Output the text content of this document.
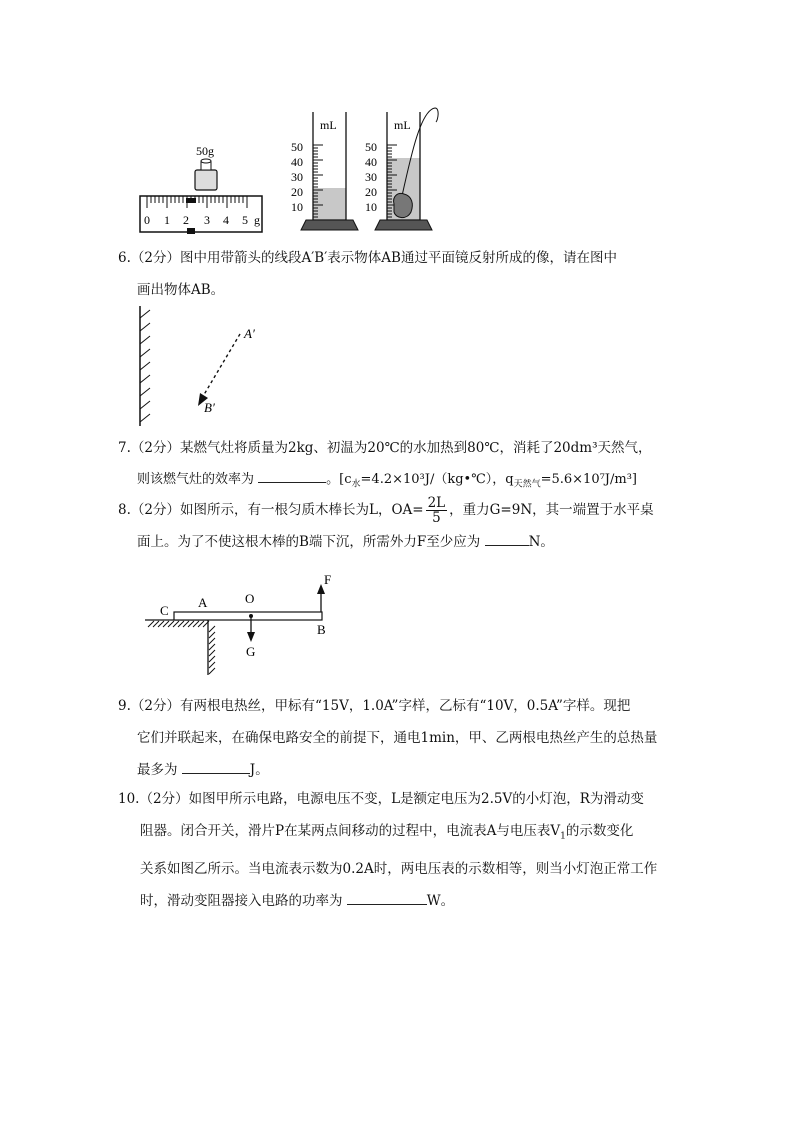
0 1 2 3 4 5 g
50g
mL
50
40
30
20
10
mL
50
40
30
20
10

6.（2分）图中用带箭头的线段A′B′表示物体AB通过平面镜反射所成的像，请在图中

画出物体AB。

A′
B′

7.（2分）某燃气灶将质量为2kg、初温为20℃的水加热到80℃，消耗了20dm³天然气，

则该燃气灶的效率为	。[$c_水=4.2\times 10^3J/(kg•℃)$，$q_{天然气}=5.6\times 10^7J/m^3$]

8.（2分）如图所示，有一根匀质木棒长为L，$OA= \frac{2L}{5}$ ，重力G=9N，其一端置于水平桌

面上。为了不使这根木棒的B端下沉，所需外力F至少应为	N。

C
A	O
F
B
G

9.（2分）有两根电热丝，甲标有“15V，1.0A”字样，乙标有“10V，0.5A”字样。现把

它们并联起来，在确保电路安全的前提下，通电1min，甲、乙两根电热丝产生的总热量

最多为	J。

10.（2分）如图甲所示电路，电源电压不变，L是额定电压为2.5V的小灯泡，R为滑动变

阻器。闭合开关，滑片P在某两点间移动的过程中，电流表A与电压表$V_1$的示数变化

关系如图乙所示。当电流表示数为0.2A时，两电压表的示数相等，则当小灯泡正常工作

时，滑动变阻器接入电路的功率为	W。
